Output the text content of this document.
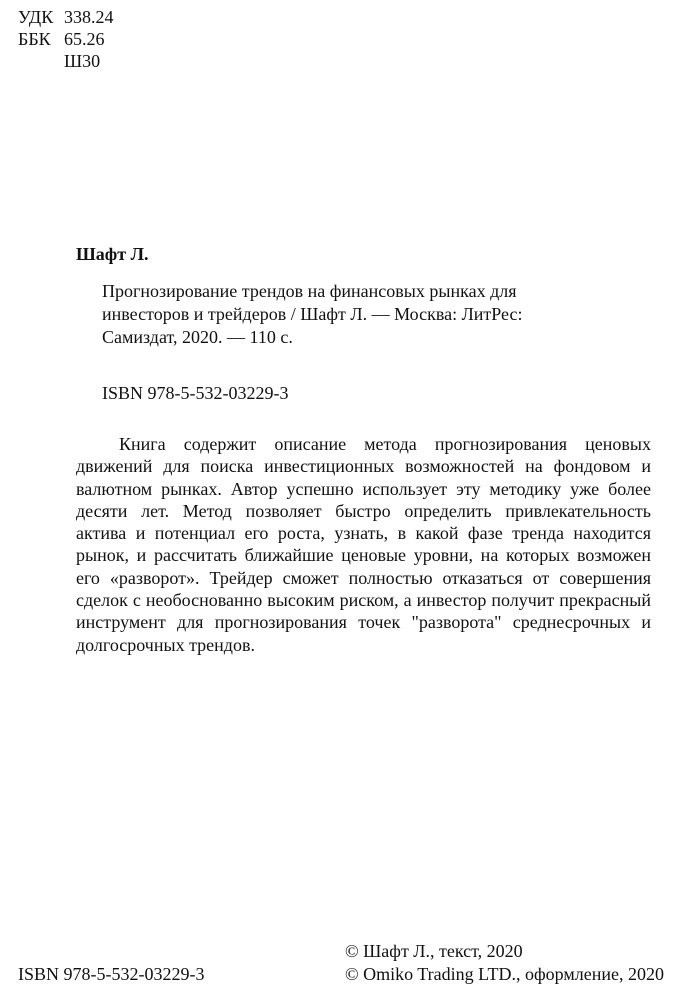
УДК 338.24
ББК 65.26
Ш30
Шафт Л.
Прогнозирование трендов на финансовых рынках для
инвесторов и трейдеров / Шафт Л. — Москва: ЛитРес:
Самиздат, 2020. — 110 с.
ISBN 978-5-532-03229-3
Книга содержит описание метода прогнозирования ценовых
движений для поиска инвестиционных возможностей на фондовом и
валютном рынках. Автор успешно использует эту методику уже более
десяти лет. Метод позволяет быстро определить привлекательность
актива и потенциал его роста, узнать, в какой фазе тренда находится
рынок, и рассчитать ближайшие ценовые уровни, на которых возможен
его «разворот». Трейдер сможет полностью отказаться от совершения
сделок с необоснованно высоким риском, а инвестор получит прекрасный
инструмент для прогнозирования точек "разворота" среднесрочных и
долгосрочных трендов.
ISBN 978-5-532-03229-3
© Шафт Л., текст, 2020
© Omiko Trading LTD., оформление, 2020
